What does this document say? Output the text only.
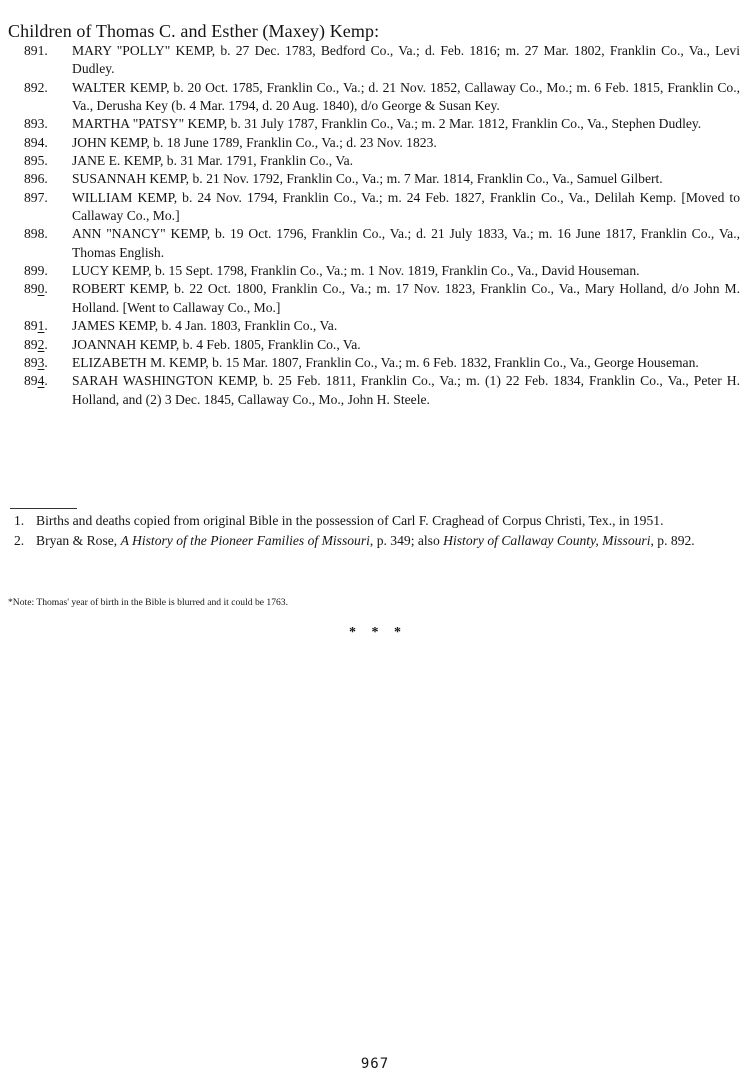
Children of Thomas C. and Esther (Maxey) Kemp:
891.	MARY "POLLY" KEMP, b. 27 Dec. 1783, Bedford Co., Va.; d. Feb. 1816; m. 27 Mar. 1802, Franklin Co., Va., Levi Dudley.
892.	WALTER KEMP, b. 20 Oct. 1785, Franklin Co., Va.; d. 21 Nov. 1852, Callaway Co., Mo.; m. 6 Feb. 1815, Franklin Co., Va., Derusha Key (b. 4 Mar. 1794, d. 20 Aug. 1840), d/o George & Susan Key.
893.	MARTHA "PATSY" KEMP, b. 31 July 1787, Franklin Co., Va.; m. 2 Mar. 1812, Franklin Co., Va., Stephen Dudley.
894.	JOHN KEMP, b. 18 June 1789, Franklin Co., Va.; d. 23 Nov. 1823.
895.	JANE E. KEMP, b. 31 Mar. 1791, Franklin Co., Va.
896.	SUSANNAH KEMP, b. 21 Nov. 1792, Franklin Co., Va.; m. 7 Mar. 1814, Franklin Co., Va., Samuel Gilbert.
897.	WILLIAM KEMP, b. 24 Nov. 1794, Franklin Co., Va.; m. 24 Feb. 1827, Franklin Co., Va., Delilah Kemp. [Moved to Callaway Co., Mo.]
898.	ANN "NANCY" KEMP, b. 19 Oct. 1796, Franklin Co., Va.; d. 21 July 1833, Va.; m. 16 June 1817, Franklin Co., Va., Thomas English.
899.	LUCY KEMP, b. 15 Sept. 1798, Franklin Co., Va.; m. 1 Nov. 1819, Franklin Co., Va., David Houseman.
890.	ROBERT KEMP, b. 22 Oct. 1800, Franklin Co., Va.; m. 17 Nov. 1823, Franklin Co., Va., Mary Holland, d/o John M. Holland. [Went to Callaway Co., Mo.]
891.	JAMES KEMP, b. 4 Jan. 1803, Franklin Co., Va.
892.	JOANNAH KEMP, b. 4 Feb. 1805, Franklin Co., Va.
893.	ELIZABETH M. KEMP, b. 15 Mar. 1807, Franklin Co., Va.; m. 6 Feb. 1832, Franklin Co., Va., George Houseman.
894.	SARAH WASHINGTON KEMP, b. 25 Feb. 1811, Franklin Co., Va.; m. (1) 22 Feb. 1834, Franklin Co., Va., Peter H. Holland, and (2) 3 Dec. 1845, Callaway Co., Mo., John H. Steele.
1. Births and deaths copied from original Bible in the possession of Carl F. Craghead of Corpus Christi, Tex., in 1951.
2. Bryan & Rose, A History of the Pioneer Families of Missouri, p. 349; also History of Callaway County, Missouri, p. 892.
*Note: Thomas' year of birth in the Bible is blurred and it could be 1763.
* * *
967
